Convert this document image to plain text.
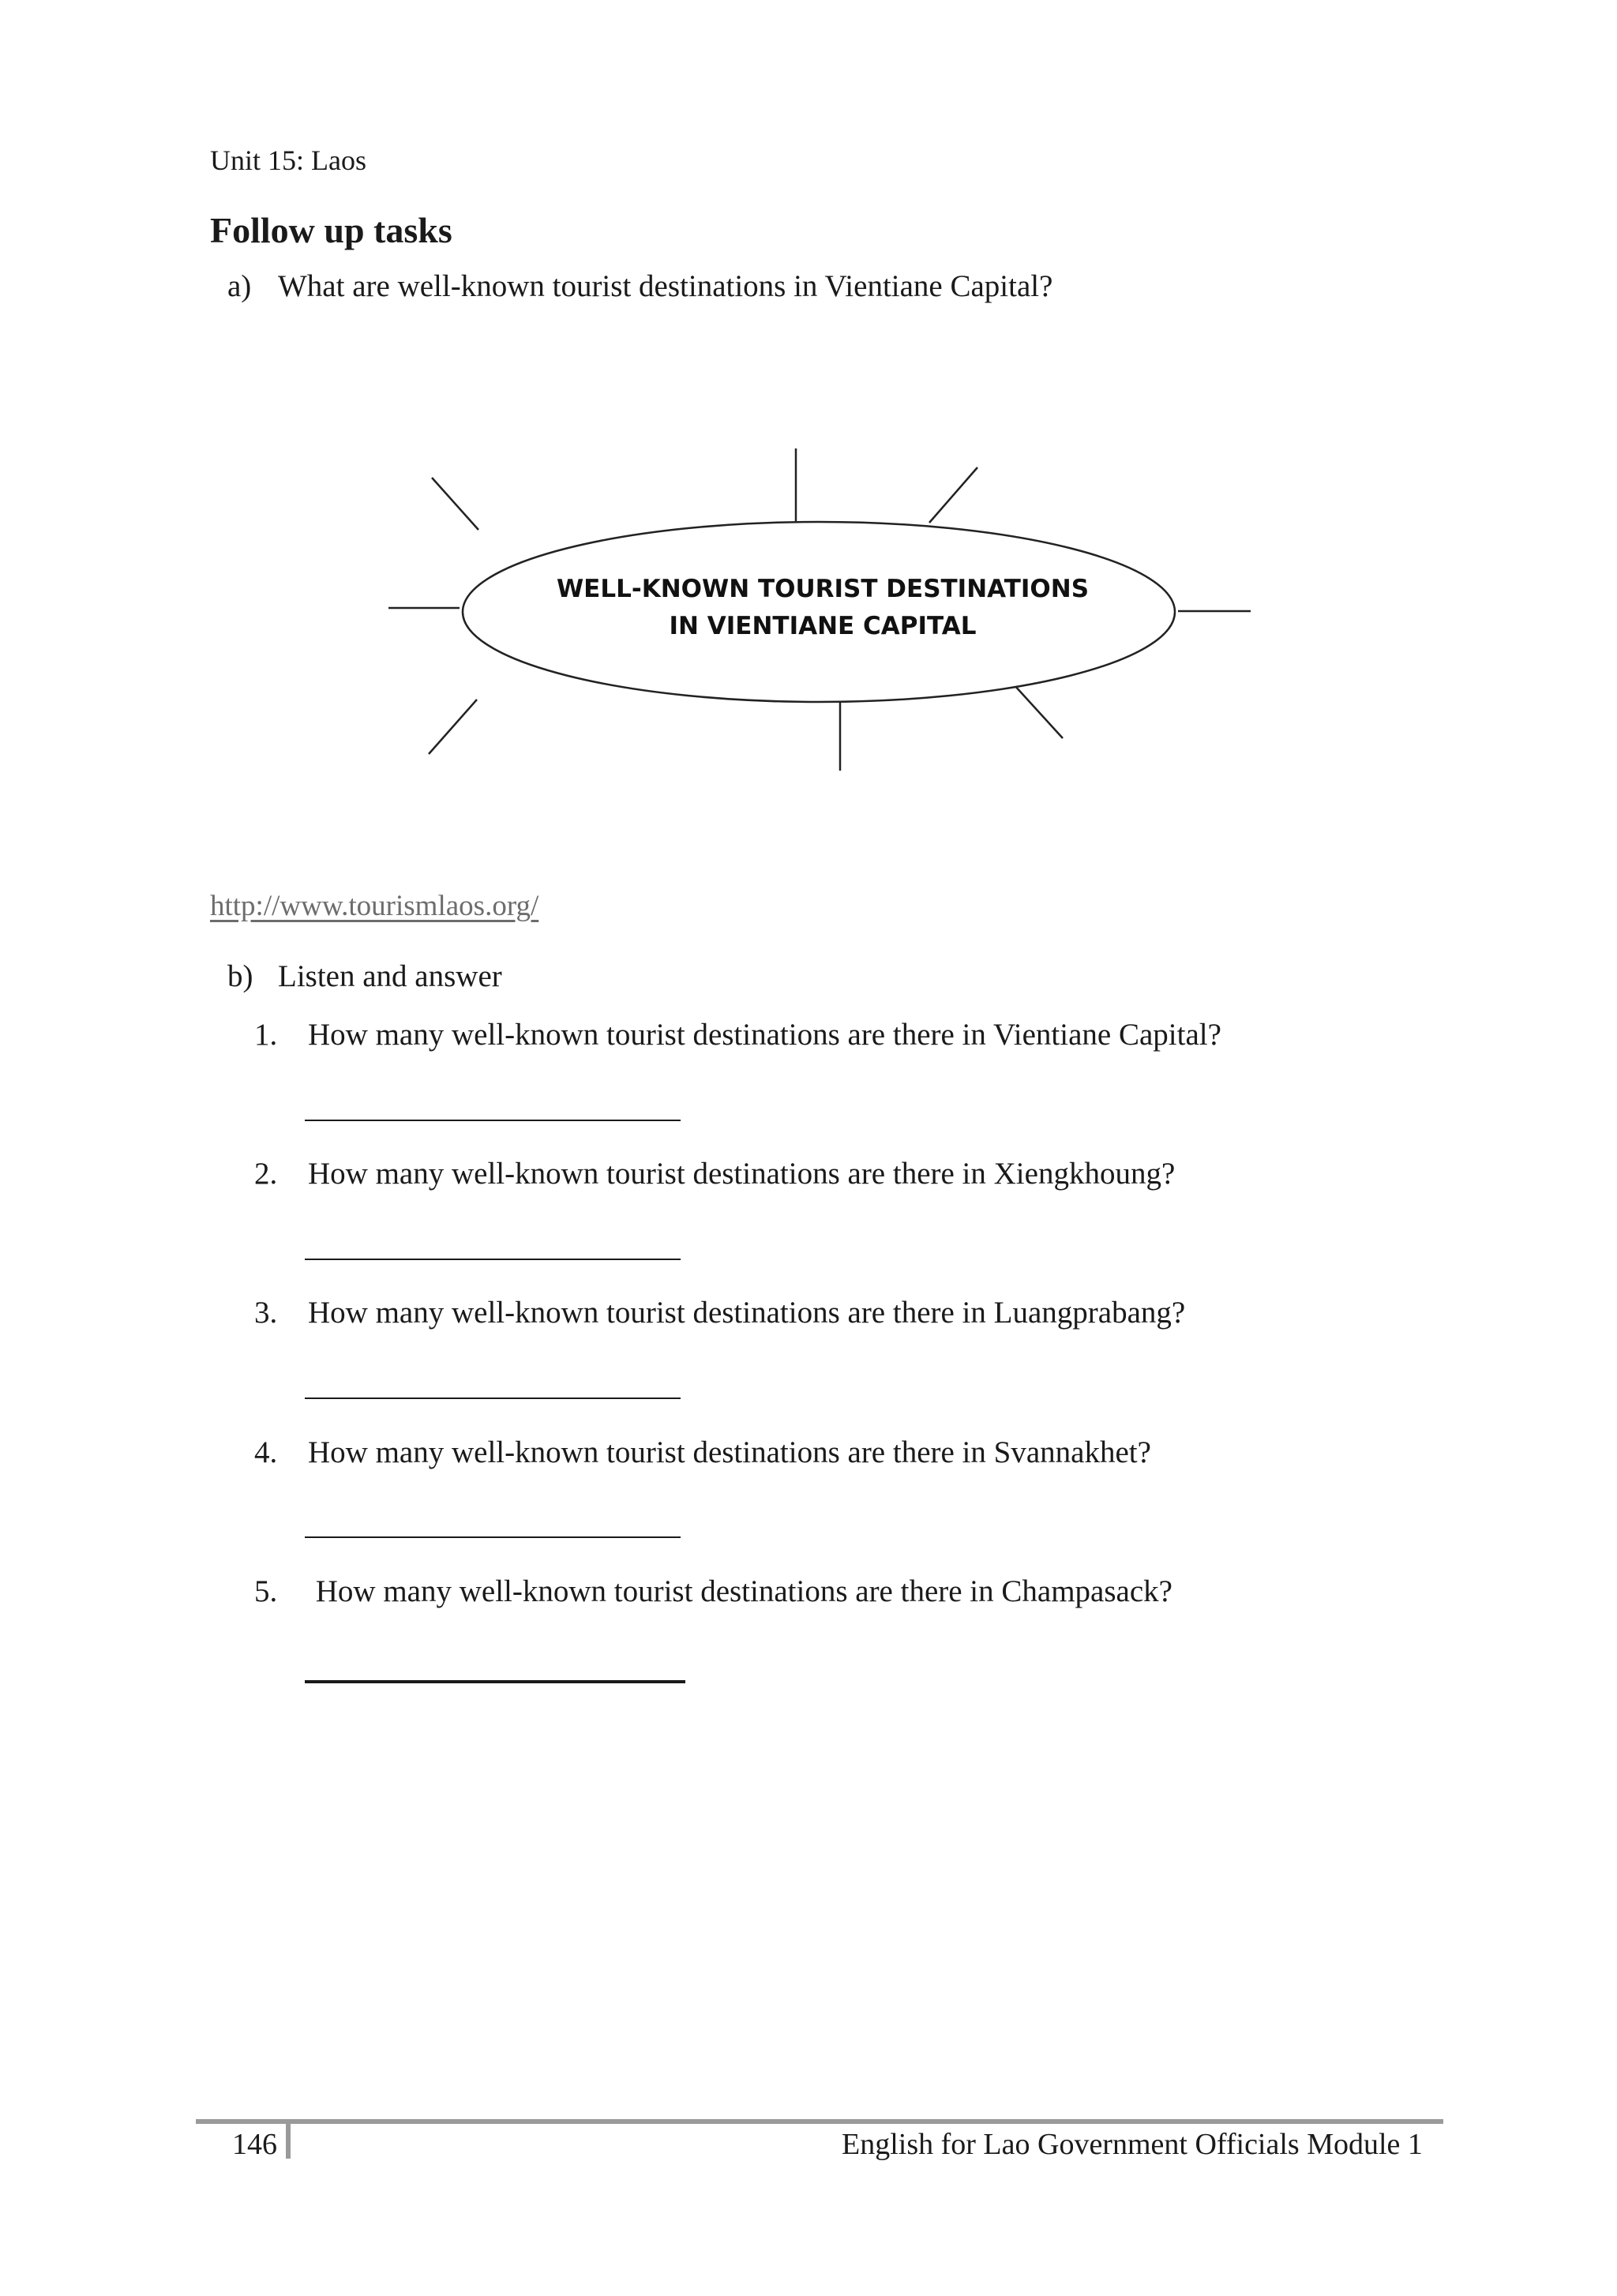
Unit 15: Laos
Follow up tasks
a) What are well-known tourist destinations in Vientiane Capital?
WELL-KNOWN TOURIST DESTINATIONS
IN VIENTIANE CAPITAL
http://www.tourismlaos.org/
b) Listen and answer
1. How many well-known tourist destinations are there in Vientiane Capital?
2. How many well-known tourist destinations are there in Xiengkhoung?
3. How many well-known tourist destinations are there in Luangprabang?
4. How many well-known tourist destinations are there in Svannakhet?
5. How many well-known tourist destinations are there in Champasack?
146	English for Lao Government Officials Module 1
